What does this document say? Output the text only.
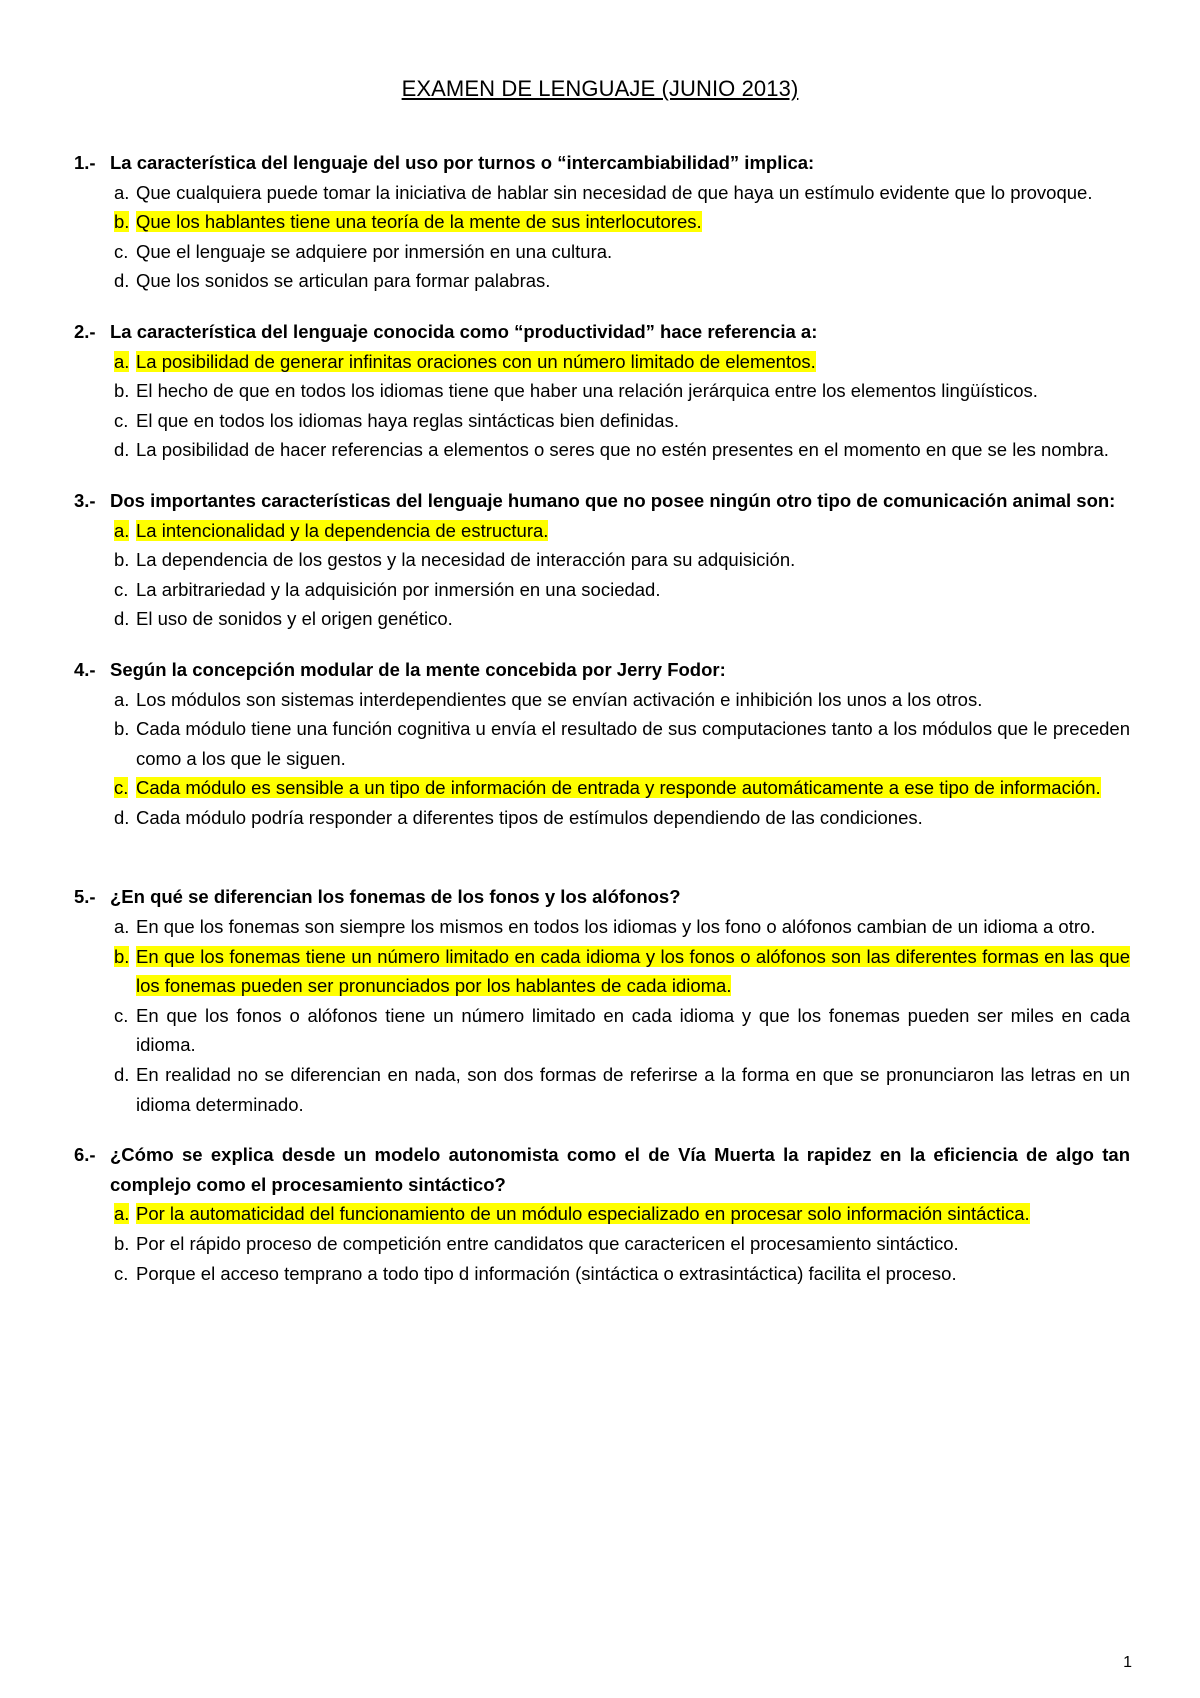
EXAMEN DE LENGUAJE (JUNIO 2013)
1.- La característica del lenguaje del uso por turnos o “intercambiabilidad” implica:
a. Que cualquiera puede tomar la iniciativa de hablar sin necesidad de que haya un estímulo evidente que lo provoque.
b. Que los hablantes tiene una teoría de la mente de sus interlocutores.
c. Que el lenguaje se adquiere por inmersión en una cultura.
d. Que los sonidos se articulan para formar palabras.
2.- La característica del lenguaje conocida como “productividad” hace referencia a:
a. La posibilidad de generar infinitas oraciones con un número limitado de elementos.
b. El hecho de que en todos los idiomas tiene que haber una relación jerárquica entre los elementos lingüísticos.
c. El que en todos los idiomas haya reglas sintácticas bien definidas.
d. La posibilidad de hacer referencias a elementos o seres que no estén presentes en el momento en que se les nombra.
3.- Dos importantes características del lenguaje humano que no posee ningún otro tipo de comunicación animal son:
a. La intencionalidad y la dependencia de estructura.
b. La dependencia de los gestos y la necesidad de interacción para su adquisición.
c. La arbitrariedad y la adquisición por inmersión en una sociedad.
d. El uso de sonidos y el origen genético.
4.- Según la concepción modular de la mente concebida por Jerry Fodor:
a. Los módulos son sistemas interdependientes que se envían activación e inhibición los unos a los otros.
b. Cada módulo tiene una función cognitiva u envía el resultado de sus computaciones tanto a los módulos que le preceden como a los que le siguen.
c. Cada módulo es sensible a un tipo de información de entrada y responde automáticamente a ese tipo de información.
d. Cada módulo podría responder a diferentes tipos de estímulos dependiendo de las condiciones.
5.- ¿En qué se diferencian los fonemas de los fonos y los alófonos?
a. En que los fonemas son siempre los mismos en todos los idiomas y los fono o alófonos cambian de un idioma a otro.
b. En que los fonemas tiene un número limitado en cada idioma y los fonos o alófonos son las diferentes formas en las que los fonemas pueden ser pronunciados por los hablantes de cada idioma.
c. En que los fonos o alófonos tiene un número limitado en cada idioma y que los fonemas pueden ser miles en cada idioma.
d. En realidad no se diferencian en nada, son dos formas de referirse a la forma en que se pronunciaron las letras en un idioma determinado.
6.- ¿Cómo se explica desde un modelo autonomista como el de Vía Muerta la rapidez en la eficiencia de algo tan complejo como el procesamiento sintáctico?
a. Por la automaticidad del funcionamiento de un módulo especializado en procesar solo información sintáctica.
b. Por el rápido proceso de competición entre candidatos que caractericen el procesamiento sintáctico.
c. Porque el acceso temprano a todo tipo d información (sintáctica o extrasintáctica) facilita el proceso.
1
